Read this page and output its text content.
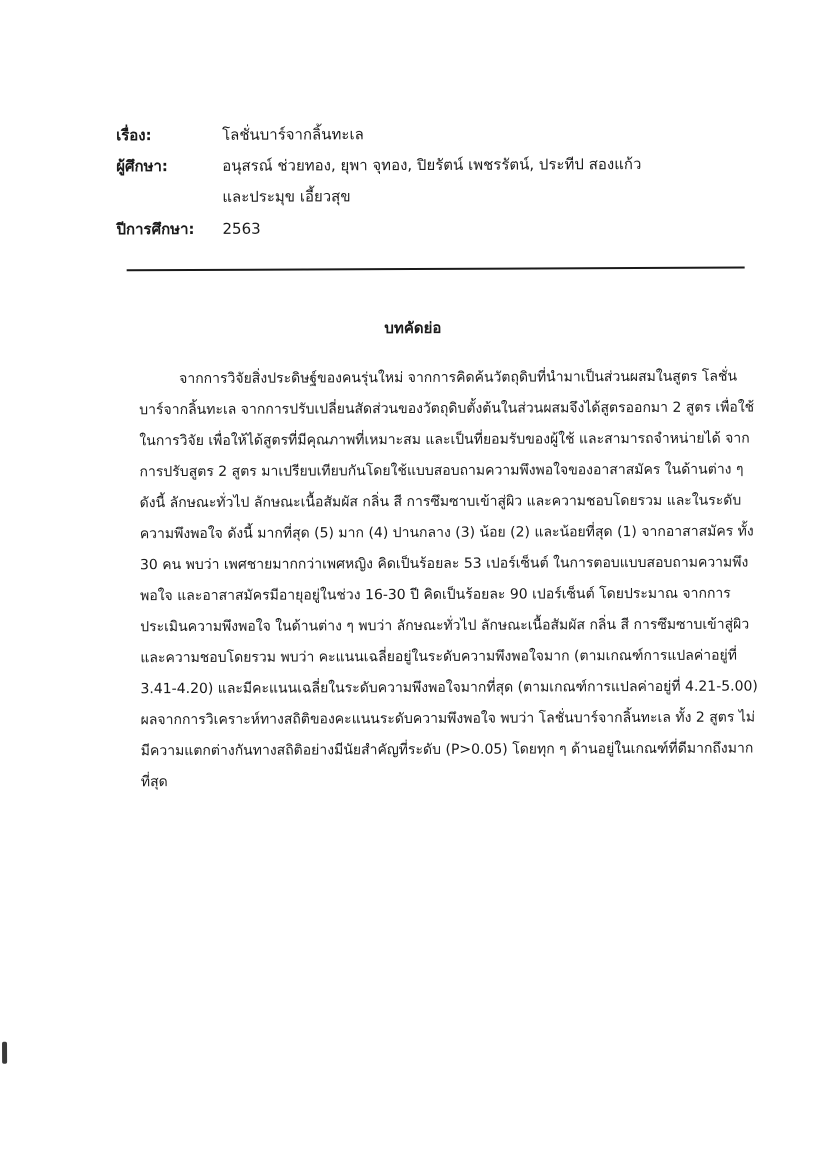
เรื่อง:	โลชั่นบาร์จากลิ้นทะเล
ผู้ศึกษา:	อนุสรณ์ ช่วยทอง, ยุพา จุทอง, ปิยรัตน์ เพชรรัตน์, ประทีป สองแก้ว
และประมุข เอี้ยวสุข
ปีการศึกษา: 2563
บทคัดย่อ
จากการวิจัยสิ่งประดิษฐ์ของคนรุ่นใหม่ จากการคิดค้นวัตถุดิบที่นำมาเป็นส่วนผสมในสูตร โลชั่น
บาร์จากลิ้นทะเล จากการปรับเปลี่ยนสัดส่วนของวัตถุดิบตั้งต้นในส่วนผสมจึงได้สูตรออกมา 2 สูตร เพื่อใช้
ในการวิจัย เพื่อให้ได้สูตรที่มีคุณภาพที่เหมาะสม และเป็นที่ยอมรับของผู้ใช้ และสามารถจำหน่ายได้ จาก
การปรับสูตร 2 สูตร มาเปรียบเทียบกันโดยใช้แบบสอบถามความพึงพอใจของอาสาสมัคร ในด้านต่าง ๆ
ดังนี้ ลักษณะทั่วไป ลักษณะเนื้อสัมผัส กลิ่น สี การซึมซาบเข้าสู่ผิว และความชอบโดยรวม และในระดับ
ความพึงพอใจ ดังนี้ มากที่สุด (5) มาก (4) ปานกลาง (3) น้อย (2) และน้อยที่สุด (1) จากอาสาสมัคร ทั้ง
30 คน พบว่า เพศชายมากกว่าเพศหญิง คิดเป็นร้อยละ 53 เปอร์เซ็นต์ ในการตอบแบบสอบถามความพึง
พอใจ และอาสาสมัครมีอายุอยู่ในช่วง 16-30 ปี คิดเป็นร้อยละ 90 เปอร์เซ็นต์ โดยประมาณ จากการ
ประเมินความพึงพอใจ ในด้านต่าง ๆ พบว่า ลักษณะทั่วไป ลักษณะเนื้อสัมผัส กลิ่น สี การซึมซาบเข้าสู่ผิว
และความชอบโดยรวม พบว่า คะแนนเฉลี่ยอยู่ในระดับความพึงพอใจมาก (ตามเกณฑ์การแปลค่าอยู่ที่
3.41-4.20) และมีคะแนนเฉลี่ยในระดับความพึงพอใจมากที่สุด (ตามเกณฑ์การแปลค่าอยู่ที่ 4.21-5.00)
ผลจากการวิเคราะห์ทางสถิติของคะแนนระดับความพึงพอใจ พบว่า โลชั่นบาร์จากลิ้นทะเล ทั้ง 2 สูตร ไม่
มีความแตกต่างกันทางสถิติอย่างมีนัยสำคัญที่ระดับ (P>0.05) โดยทุก ๆ ด้านอยู่ในเกณฑ์ที่ดีมากถึงมาก
ที่สุด
